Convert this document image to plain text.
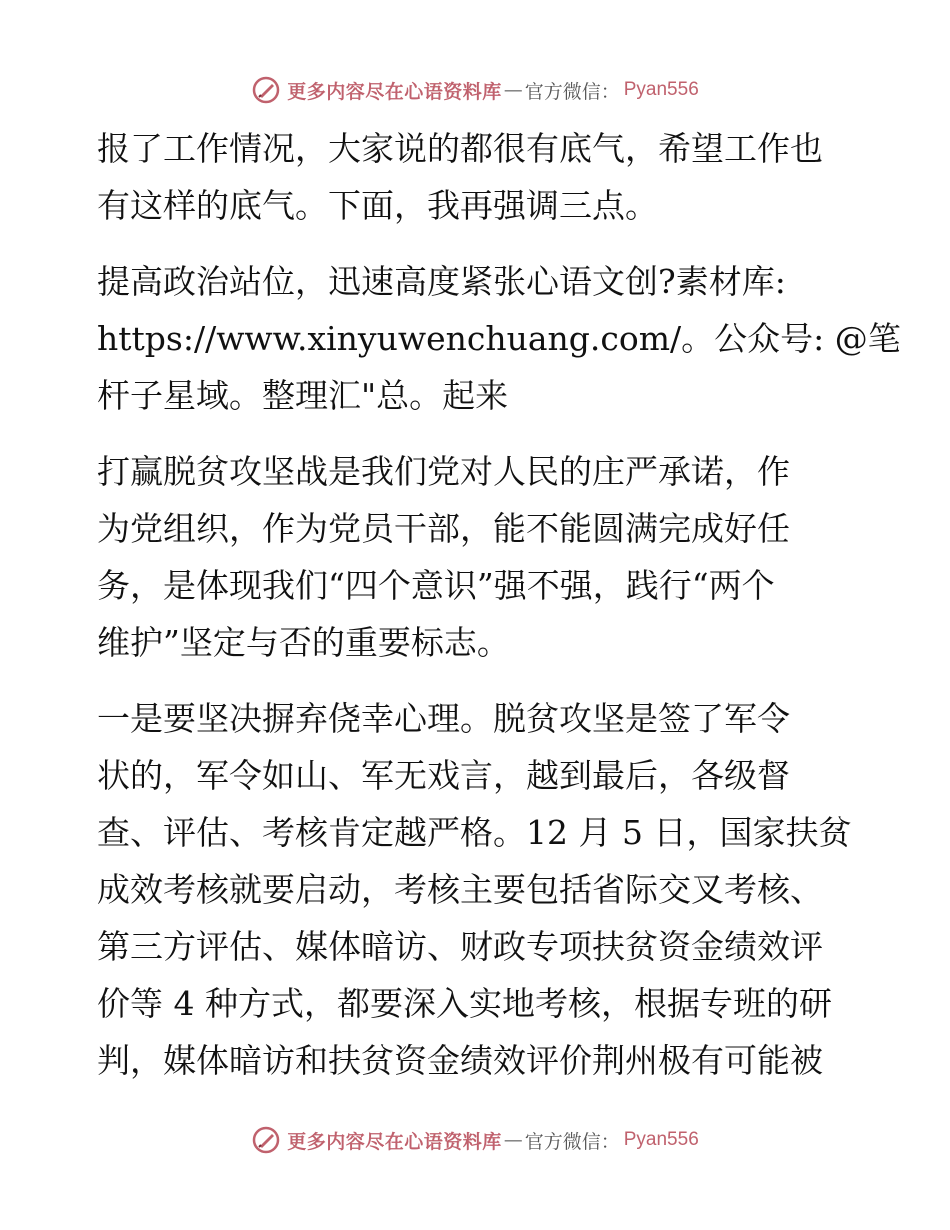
更多内容尽在心语资料库 — 官方微信： Pyan556
报了工作情况，大家说的都很有底气，希望工作也
有这样的底气。下面，我再强调三点。
提高政治站位，迅速高度紧张心语文创?素材库:
https://www.xinyuwenchuang.com/。公众号: @笔
杆子星域。整理汇"总。起来
打赢脱贫攻坚战是我们党对人民的庄严承诺，作
为党组织，作为党员干部，能不能圆满完成好任
务，是体现我们“四个意识”强不强，践行“两个
维护”坚定与否的重要标志。
一是要坚决摒弃侥幸心理。脱贫攻坚是签了军令
状的，军令如山、军无戏言，越到最后，各级督
查、评估、考核肯定越严格。12 月 5 日，国家扶贫
成效考核就要启动，考核主要包括省际交叉考核、
第三方评估、媒体暗访、财政专项扶贫资金绩效评
价等 4 种方式，都要深入实地考核，根据专班的研
判，媒体暗访和扶贫资金绩效评价荆州极有可能被
更多内容尽在心语资料库 — 官方微信： Pyan556
